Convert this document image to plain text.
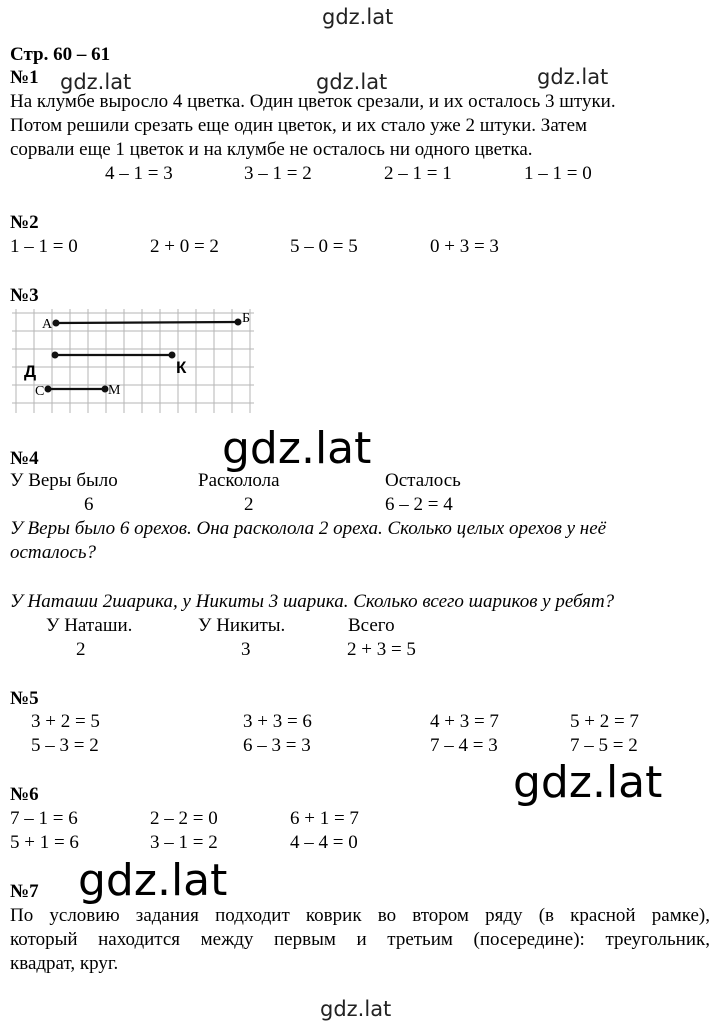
gdz.lat
gdz.lat	gdz.lat	gdz.lat
gdz.lat
gdz.lat
gdz.lat
gdz.lat
Стр. 60 – 61
№1
На клумбе выросло 4 цветка. Один цветок срезали, и их осталось 3 штуки.
Потом решили срезать еще один цветок, и их стало уже 2 штуки. Затем
сорвали еще 1 цветок и на клумбе не осталось ни одного цветка.
4 – 1 = 3	3 – 1 = 2	2 – 1 = 1	1 – 1 = 0
№2
1 – 1 = 0	2 + 0 = 2	5 – 0 = 5	0 + 3 = 3
№3
А	Б
Д	К
С	М
№4
У Веры было	Расколола	Осталось
6	2	6 – 2 = 4
У Веры было 6 орехов. Она расколола 2 ореха. Сколько целых орехов у неё
осталось?
У Наташи 2шарика, у Никиты 3 шарика. Сколько всего шариков у ребят?
У Наташи.	У Никиты.	Всего
2	3	2 + 3 = 5
№5
3 + 2 = 5	3 + 3 = 6	4 + 3 = 7	5 + 2 = 7
5 – 3 = 2	6 – 3 = 3	7 – 4 = 3	7 – 5 = 2
№6
7 – 1 = 6	2 – 2 = 0	6 + 1 = 7
5 + 1 = 6	3 – 1 = 2	4 – 4 = 0
№7
По условию задания подходит коврик во втором ряду (в красной рамке),
который находится между первым и третьим (посередине): треугольник,
квадрат, круг.
